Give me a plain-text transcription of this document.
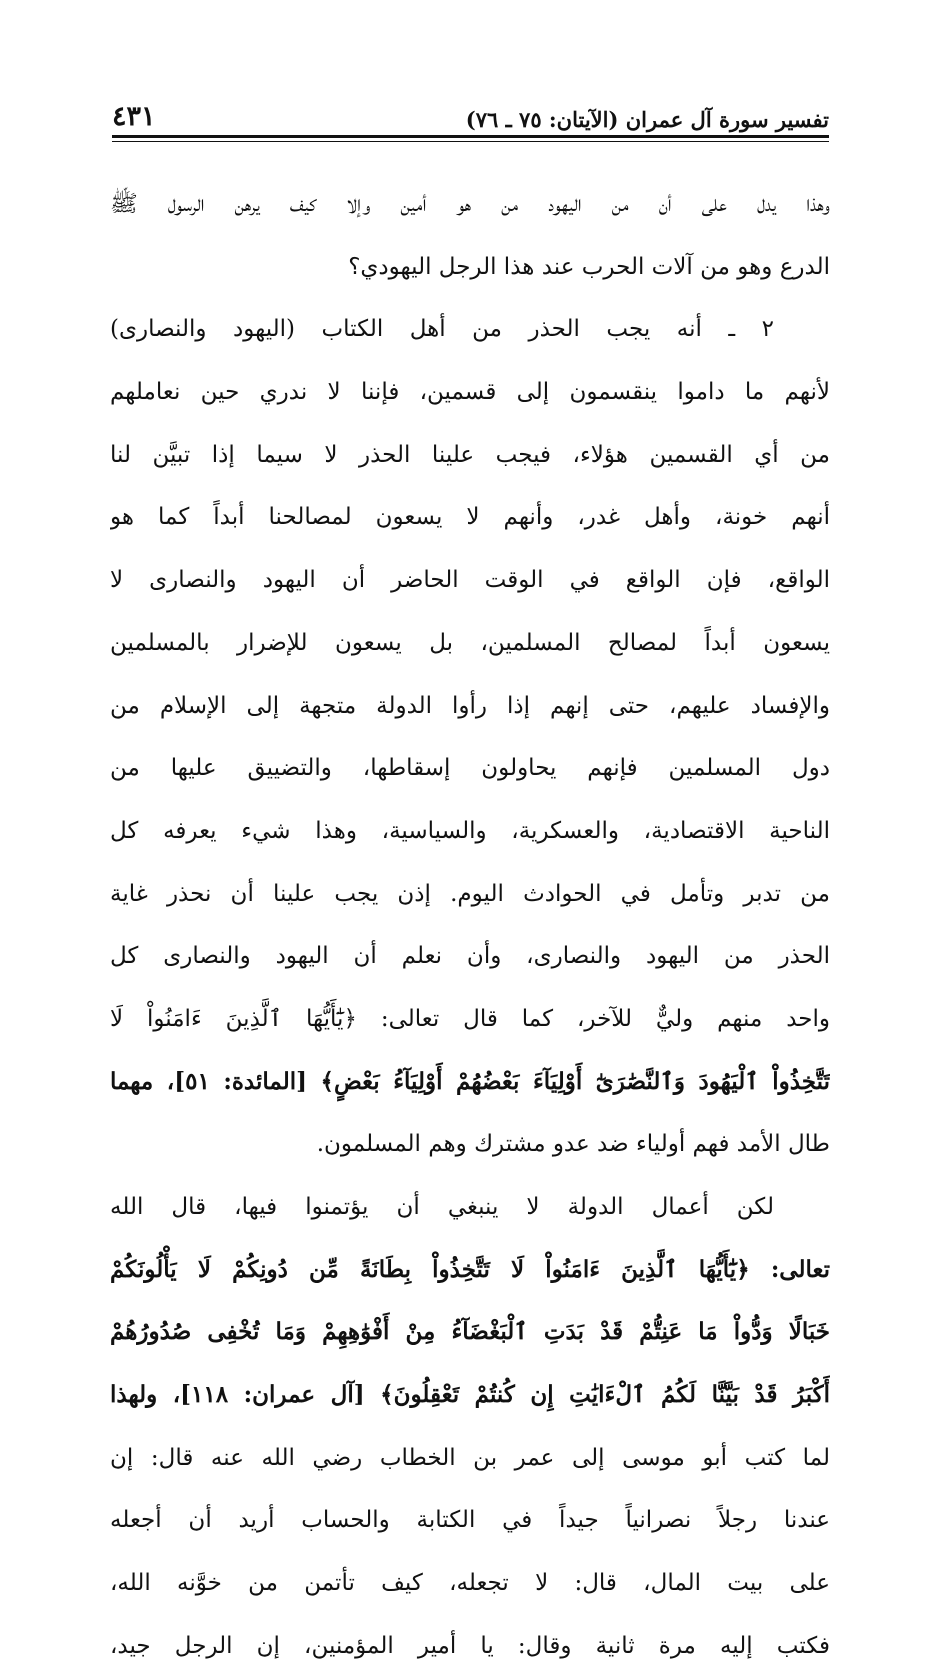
تفسير سورة آل عمران (الآيتان: ٧٥ ـ ٧٦)
٤٣١
وهذا يدل على أن من اليهود من هو أمين وإلا كيف يرهن الرسول ﷺ
الدرع وهو من آلات الحرب عند هذا الرجل اليهودي؟
٢ ـ أنه يجب الحذر من أهل الكتاب (اليهود والنصارى)
لأنهم ما داموا ينقسمون إلى قسمين، فإننا لا ندري حين نعاملهم
من أي القسمين هؤلاء، فيجب علينا الحذر لا سيما إذا تبيَّن لنا
أنهم خونة، وأهل غدر، وأنهم لا يسعون لمصالحنا أبداً كما هو
الواقع، فإن الواقع في الوقت الحاضر أن اليهود والنصارى لا
يسعون أبداً لمصالح المسلمين، بل يسعون للإضرار بالمسلمين
والإفساد عليهم، حتى إنهم إذا رأوا الدولة متجهة إلى الإسلام من
دول المسلمين فإنهم يحاولون إسقاطها، والتضييق عليها من
الناحية الاقتصادية، والعسكرية، والسياسية، وهذا شيء يعرفه كل
من تدبر وتأمل في الحوادث اليوم. إذن يجب علينا أن نحذر غاية
الحذر من اليهود والنصارى، وأن نعلم أن اليهود والنصارى كل
واحد منهم وليٌّ للآخر، كما قال تعالى: ﴿يَٰٓأَيُّهَا ٱلَّذِينَ ءَامَنُواْ لَا
تَتَّخِذُواْ ٱلْيَهُودَ وَٱلنَّصَٰرَىٰٓ أَوْلِيَآءَ بَعْضُهُمْ أَوْلِيَآءُ بَعْضٍ﴾ [المائدة: ٥١]، مهما
طال الأمد فهم أولياء ضد عدو مشترك وهم المسلمون.
لكن أعمال الدولة لا ينبغي أن يؤتمنوا فيها، قال الله
تعالى: ﴿يَٰٓأَيُّهَا ٱلَّذِينَ ءَامَنُواْ لَا تَتَّخِذُواْ بِطَانَةً مِّن دُونِكُمْ لَا يَأْلُونَكُمْ
خَبَالًا وَدُّواْ مَا عَنِتُّمْ قَدْ بَدَتِ ٱلْبَغْضَآءُ مِنْ أَفْوَٰهِهِمْ وَمَا تُخْفِى صُدُورُهُمْ
أَكْبَرُ قَدْ بَيَّنَّا لَكُمُ ٱلْءَايَٰتِ إِن كُنتُمْ تَعْقِلُونَ﴾ [آل عمران: ١١٨]، ولهذا
لما كتب أبو موسى إلى عمر بن الخطاب رضي الله عنه قال: إن
عندنا رجلاً نصرانياً جيداً في الكتابة والحساب أريد أن أجعله
على بيت المال، قال: لا تجعله، كيف تأتمن من خوَّنه الله،
فكتب إليه مرة ثانية وقال: يا أمير المؤمنين، إن الرجل جيد،
